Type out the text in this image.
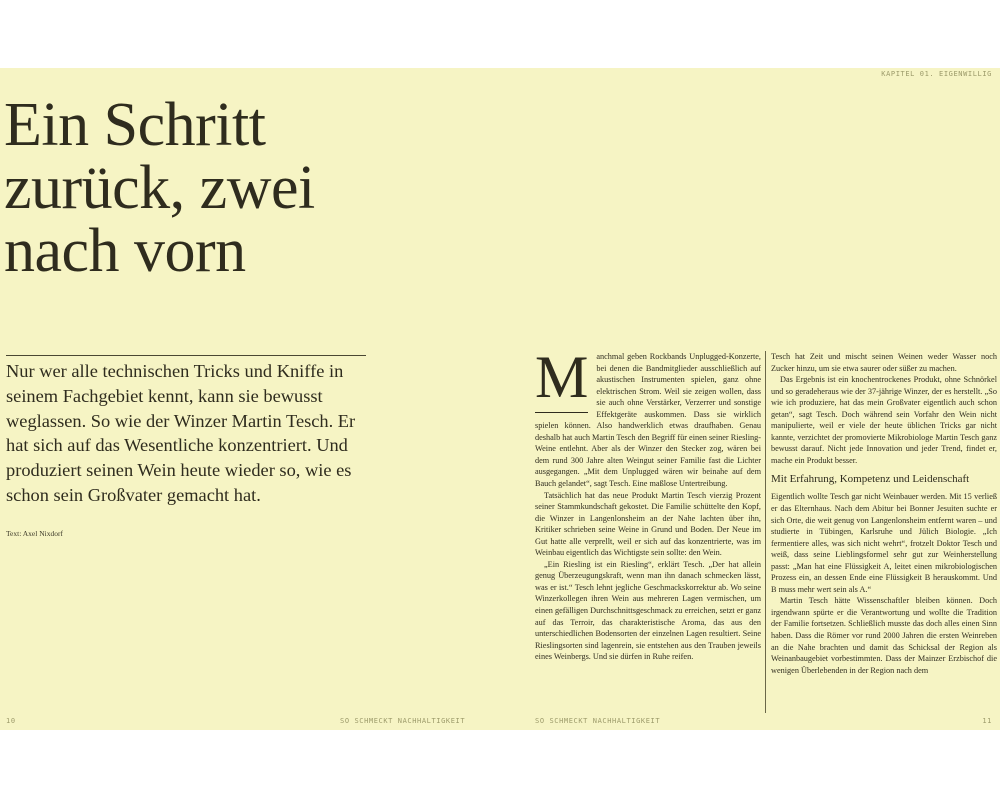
KAPITEL 01. EIGENWILLIG
Ein Schritt
zurück, zwei
nach vorn

Nur wer alle technischen Tricks und Kniffe in seinem Fachgebiet kennt, kann sie bewusst weglassen. So wie der Winzer Martin Tesch. Er hat sich auf das Wesentliche konzentriert. Und produziert seinen Wein heute wieder so, wie es schon sein Großvater gemacht hat.

Text: Axel Nixdorf
M anchmal geben Rockbands Unplugged-Konzerte, bei denen die Bandmitglieder ausschließlich auf akustischen Instrumenten spielen, ganz ohne elektrischen Strom. Weil sie zeigen wollen, dass sie auch ohne Verstärker, Verzerrer und sonstige Effektgeräte auskommen. Dass sie wirklich spielen können. Also handwerklich etwas draufhaben. Genau deshalb hat auch Martin Tesch den Begriff für einen seiner Riesling-Weine entlehnt. Aber als der Winzer den Stecker zog, wären bei dem rund 300 Jahre alten Weingut seiner Familie fast die Lichter ausgegangen. „Mit dem Unplugged wären wir beinahe auf dem Bauch gelandet“, sagt Tesch. Eine maßlose Untertreibung.

Tatsächlich hat das neue Produkt Martin Tesch vierzig Prozent seiner Stammkundschaft gekostet. Die Familie schüttelte den Kopf, die Winzer in Langenlonsheim an der Nahe lachten über ihn, Kritiker schrieben seine Weine in Grund und Boden. Der Neue im Gut hatte alle verprellt, weil er sich auf das konzentrierte, was im Weinbau eigentlich das Wichtigste sein sollte: den Wein.

„Ein Riesling ist ein Riesling“, erklärt Tesch. „Der hat allein genug Überzeugungskraft, wenn man ihn danach schmecken lässt, was er ist.“ Tesch lehnt jegliche Geschmackskorrektur ab. Wo seine Winzerkollegen ihren Wein aus mehreren Lagen vermischen, um einen gefälligen Durchschnittsgeschmack zu erreichen, setzt er ganz auf das Terroir, das charakteristische Aroma, das aus den unterschiedlichen Bodensorten der einzelnen Lagen resultiert. Seine Rieslingsorten sind lagenrein, sie entstehen aus den Trauben jeweils eines Weinbergs. Und sie dürfen in Ruhe reifen.

Tesch hat Zeit und mischt seinen Weinen weder Wasser noch Zucker hinzu, um sie etwa saurer oder süßer zu machen.

Das Ergebnis ist ein knochentrockenes Produkt, ohne Schnörkel und so geradeheraus wie der 37-jährige Winzer, der es herstellt. „So wie ich produziere, hat das mein Großvater eigentlich auch schon getan“, sagt Tesch. Doch während sein Vorfahr den Wein nicht manipulierte, weil er viele der heute üblichen Tricks gar nicht kannte, verzichtet der promovierte Mikrobiologe Martin Tesch ganz bewusst darauf. Nicht jede Innovation und jeder Trend, findet er, mache ein Produkt besser.

Mit Erfahrung, Kompetenz und Leidenschaft

Eigentlich wollte Tesch gar nicht Weinbauer werden. Mit 15 verließ er das Elternhaus. Nach dem Abitur bei Bonner Jesuiten suchte er sich Orte, die weit genug von Langenlonsheim entfernt waren – und studierte in Tübingen, Karlsruhe und Jülich Biologie. „Ich fermentiere alles, was sich nicht wehrt“, frotzelt Doktor Tesch und weiß, dass seine Lieblingsformel sehr gut zur Weinherstellung passt: „Man hat eine Flüssigkeit A, leitet einen mikrobiologischen Prozess ein, an dessen Ende eine Flüssigkeit B herauskommt. Und B muss mehr wert sein als A.“

Martin Tesch hätte Wissenschaftler bleiben können. Doch irgendwann spürte er die Verantwortung und wollte die Tradition der Familie fortsetzen. Schließlich musste das doch alles einen Sinn haben. Dass die Römer vor rund 2000 Jahren die ersten Weinreben an die Nahe brachten und damit das Schicksal der Region als Weinanbaugebiet vorbestimmten. Dass der Mainzer Erzbischof die wenigen Überlebenden in der Region nach dem

10	SO SCHMECKT NACHHALTIGKEIT	SO SCHMECKT NACHHALTIGKEIT	11
